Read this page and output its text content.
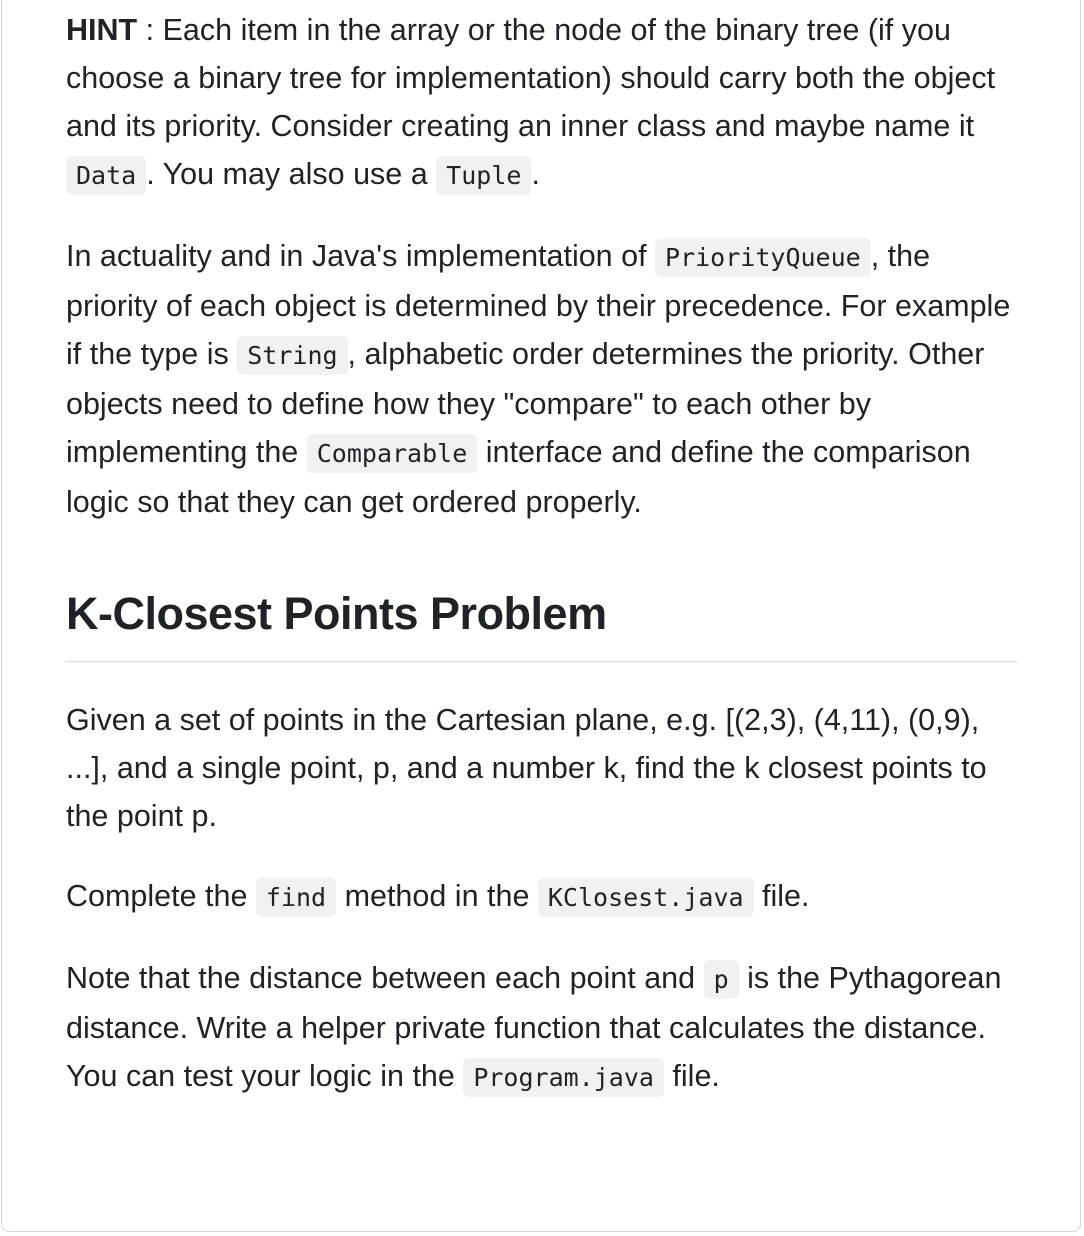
HINT : Each item in the array or the node of the binary tree (if you choose a binary tree for implementation) should carry both the object and its priority. Consider creating an inner class and maybe name it Data . You may also use a Tuple .

In actuality and in Java's implementation of PriorityQueue , the priority of each object is determined by their precedence. For example if the type is String , alphabetic order determines the priority. Other objects need to define how they "compare" to each other by implementing the Comparable interface and define the comparison logic so that they can get ordered properly.

K-Closest Points Problem

Given a set of points in the Cartesian plane, e.g. [(2,3), (4,11), (0,9), ...], and a single point, p, and a number k, find the k closest points to the point p.

Complete the find method in the KClosest.java file.

Note that the distance between each point and p is the Pythagorean distance. Write a helper private function that calculates the distance. You can test your logic in the Program.java file.
